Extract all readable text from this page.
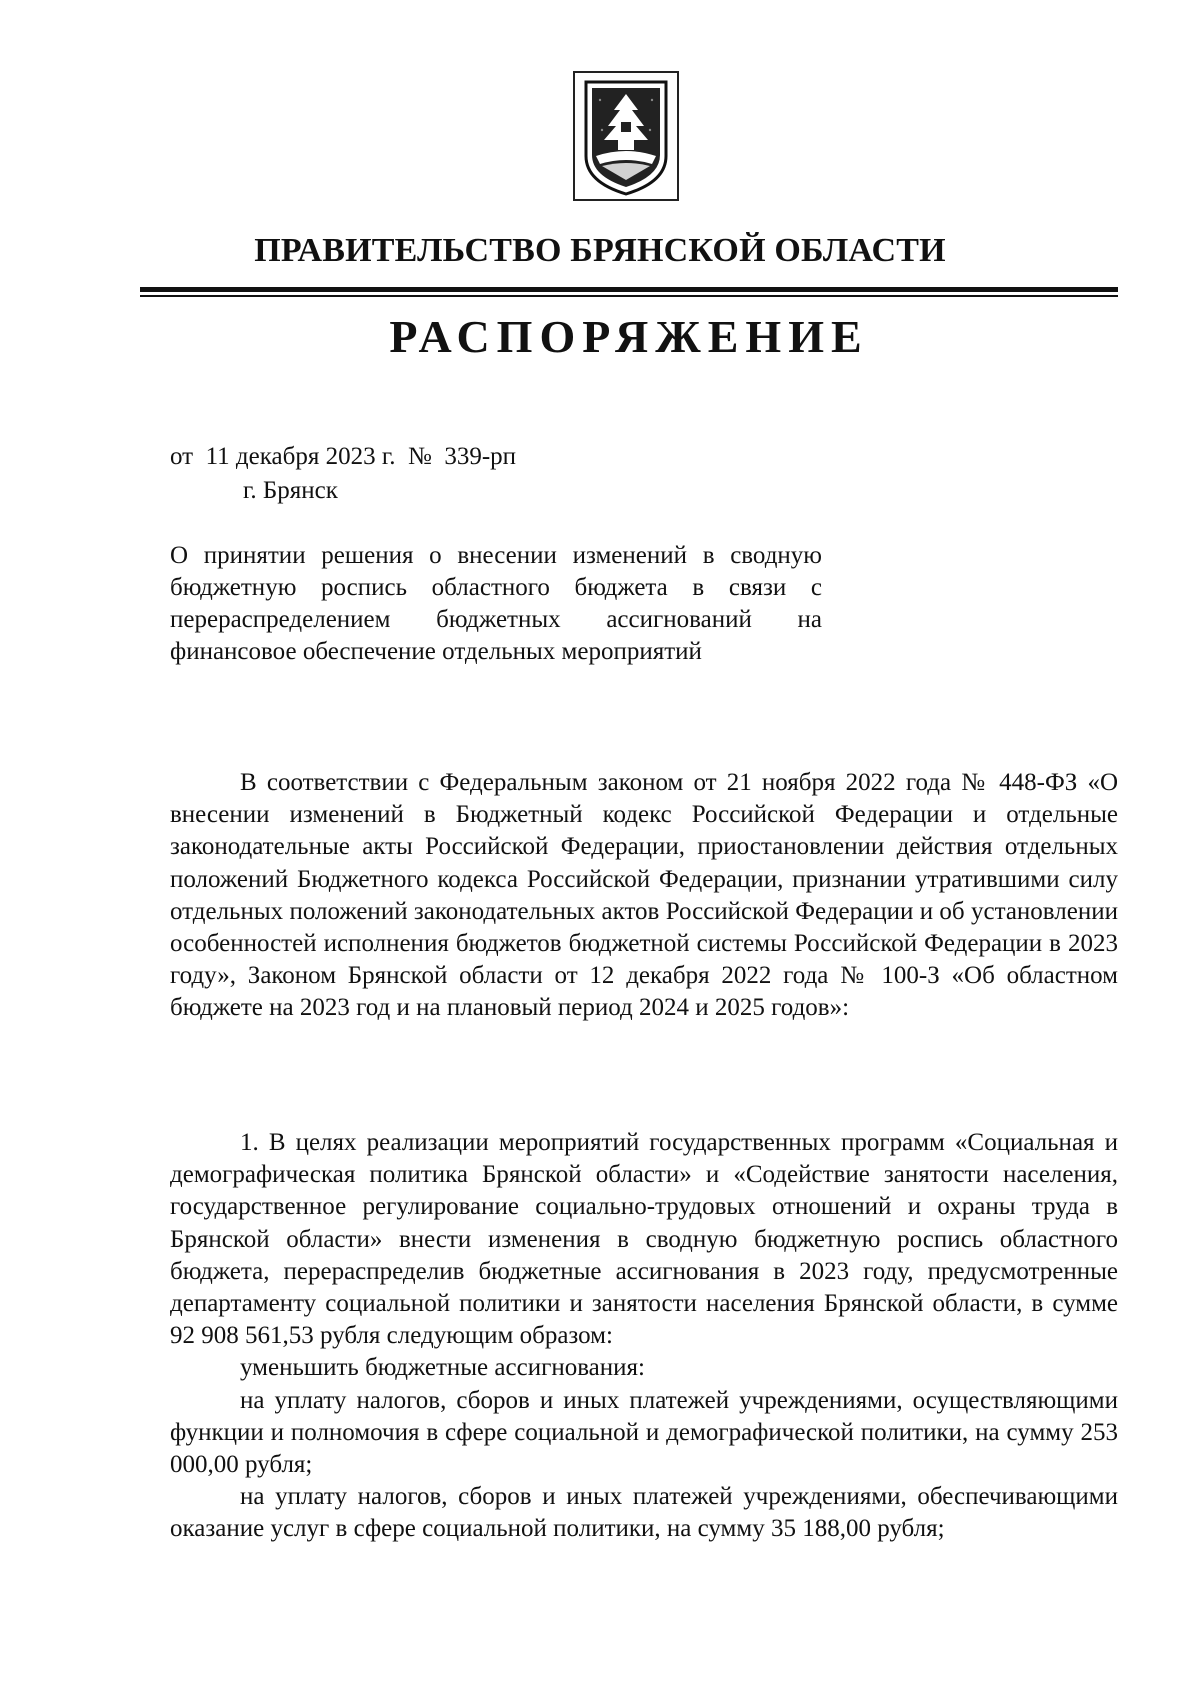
ПРАВИТЕЛЬСТВО БРЯНСКОЙ ОБЛАСТИ
РАСПОРЯЖЕНИЕ
от  11 декабря 2023 г.  №  339-рп
г. Брянск
О принятии решения о внесении изменений в сводную бюджетную роспись областного бюджета в связи с перераспределением бюджетных ассигнований на финансовое обеспечение отдельных мероприятий
В соответствии с Федеральным законом от 21 ноября 2022 года № 448-ФЗ «О внесении изменений в Бюджетный кодекс Российской Федерации и отдельные законодательные акты Российской Федерации, приостановлении действия отдельных положений Бюджетного кодекса Российской Федерации, признании утратившими силу отдельных положений законодательных актов Российской Федерации и об установлении особенностей исполнения бюджетов бюджетной системы Российской Федерации в 2023 году», Законом Брянской области от 12 декабря 2022 года № 100-З «Об областном бюджете на 2023 год и на плановый период 2024 и 2025 годов»:
1. В целях реализации мероприятий государственных программ «Социальная и демографическая политика Брянской области» и «Содействие занятости населения, государственное регулирование социально-трудовых отношений и охраны труда в Брянской области» внести изменения в сводную бюджетную роспись областного бюджета, перераспределив бюджетные ассигнования в 2023 году, предусмотренные департаменту социальной политики и занятости населения Брянской области, в сумме 92 908 561,53 рубля следующим образом:
уменьшить бюджетные ассигнования:
на уплату налогов, сборов и иных платежей учреждениями, осуществляющими функции и полномочия в сфере социальной и демографической политики, на сумму 253 000,00 рубля;
на уплату налогов, сборов и иных платежей учреждениями, обеспечивающими оказание услуг в сфере социальной политики, на сумму 35 188,00 рубля;
